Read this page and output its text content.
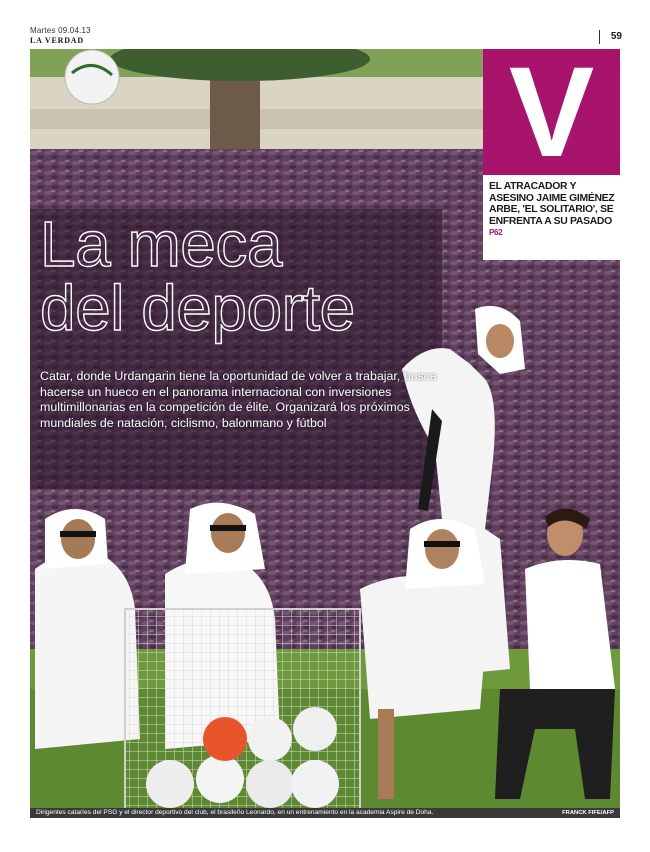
Martes 09.04.13
LA VERDAD	59
La meca
del deporte
Catar, donde Urdangarin tiene la oportunidad de volver a trabajar, busca hacerse un hueco en el panorama internacional con inversiones multimillonarias en la competición de élite. Organizará los próximos mundiales de natación, ciclismo, balonmano y fútbol
V
EL ATRACADOR Y ASESINO JAIME GIMÉNEZ ARBE, 'EL SOLITARIO', SE ENFRENTA A SU PASADO P62
Dirigentes cataríes del PSG y el director deportivo del club, el brasileño Leonardo, en un entrenamiento en la academia Aspire de Doha.	FRANCK FIFE/AFP
